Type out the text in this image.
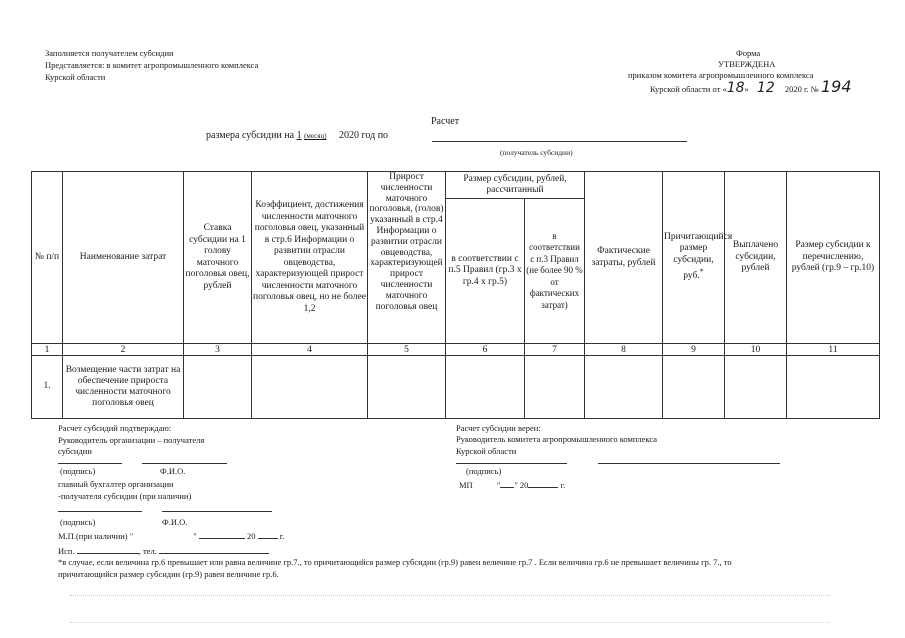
Заполняется получателем субсидии
Представляется: в комитет агропромышленного комплекса
Курской области
Форма
УТВЕРЖДЕНА
приказом комитета агропромышленного комплекса
Курской области от «18» 12 2020 г. № 194
Расчет
размера субсидии на 1 (месяц) 2020 год по
(получатель субсидии)
№ п/п	Наименование затрат	Ставка субсидии на 1 голову маточного поголовья овец, рублей	Коэффициент, достижения численности маточного поголовья овец, указанный в стр.6 Информации о развитии отрасли овцеводства, характеризующей прирост численности маточного поголовья овец, но не более 1,2	Прирост численности маточного поголовья, (голов) указанный в стр.4 Информации о развитии отрасли овцеводства, характеризующей прирост численности маточного поголовья овец	Размер субсидии, рублей, рассчитанный		Фактические затраты, рублей	Причитающийся размер субсидии, руб.*	Выплачено субсидии, рублей	Размер субсидии к перечислению, рублей (гр.9 – гр.10)
					в соответствии с п.5 Правил (гр.3 х гр.4 х гр.5)	в соответствии с п.3 Правил (не более 90 % от фактических затрат)				
1	2	3	4	5	6	7	8	9	10	11
1.	Возмещение части затрат на обеспечение прироста численности маточного поголовья овец									
Расчет субсидий подтверждаю:
Руководитель организации – получателя
субсидии
(подпись)	Ф.И.О.
главный бухгалтер организации
-получателя субсидии (при наличии)
(подпись)	Ф.И.О.
М.П.(при наличии) "	"	20	г.
Исп.	, тел.
Расчет субсидии верен:
Руководитель комитета агропромышленного комплекса
Курской области
(подпись)
МП	" " 20	г.
*в случае, если величина гр.6 превышает или равна величине гр.7., то причитающийся размер субсидии (гр.9) равен величине гр.7 . Если величина гр.6 не превышает величины гр. 7., то
причитающийся размер субсидии (гр.9) равен величине гр.6.
